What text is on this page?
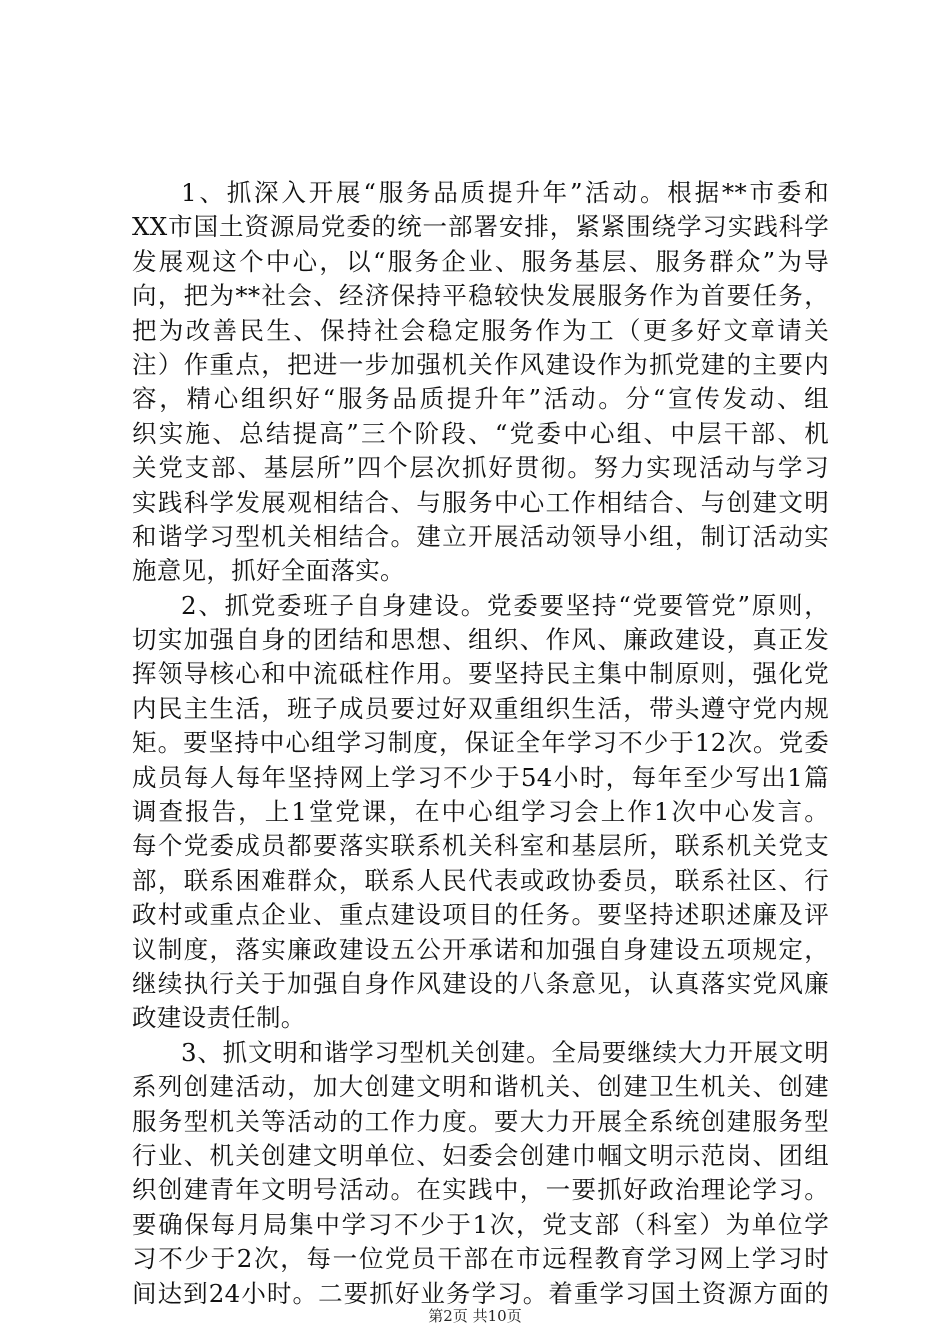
1、抓深入开展“服务品质提升年”活动。根据**市委和
XX市国土资源局党委的统一部署安排，紧紧围绕学习实践科学
发展观这个中心，以“服务企业、服务基层、服务群众”为导
向，把为**社会、经济保持平稳较快发展服务作为首要任务，
把为改善民生、保持社会稳定服务作为工（更多好文章请关
注）作重点，把进一步加强机关作风建设作为抓党建的主要内
容，精心组织好“服务品质提升年”活动。分“宣传发动、组
织实施、总结提高”三个阶段、“党委中心组、中层干部、机
关党支部、基层所”四个层次抓好贯彻。努力实现活动与学习
实践科学发展观相结合、与服务中心工作相结合、与创建文明
和谐学习型机关相结合。建立开展活动领导小组，制订活动实
施意见，抓好全面落实。
2、抓党委班子自身建设。党委要坚持“党要管党”原则，
切实加强自身的团结和思想、组织、作风、廉政建设，真正发
挥领导核心和中流砥柱作用。要坚持民主集中制原则，强化党
内民主生活，班子成员要过好双重组织生活，带头遵守党内规
矩。要坚持中心组学习制度，保证全年学习不少于12次。党委
成员每人每年坚持网上学习不少于54小时，每年至少写出1篇
调查报告，上1堂党课，在中心组学习会上作1次中心发言。
每个党委成员都要落实联系机关科室和基层所，联系机关党支
部，联系困难群众，联系人民代表或政协委员，联系社区、行
政村或重点企业、重点建设项目的任务。要坚持述职述廉及评
议制度，落实廉政建设五公开承诺和加强自身建设五项规定，
继续执行关于加强自身作风建设的八条意见，认真落实党风廉
政建设责任制。
3、抓文明和谐学习型机关创建。全局要继续大力开展文明
系列创建活动，加大创建文明和谐机关、创建卫生机关、创建
服务型机关等活动的工作力度。要大力开展全系统创建服务型
行业、机关创建文明单位、妇委会创建巾帼文明示范岗、团组
织创建青年文明号活动。在实践中，一要抓好政治理论学习。
要确保每月局集中学习不少于1次，党支部（科室）为单位学
习不少于2次，每一位党员干部在市远程教育学习网上学习时
间达到24小时。二要抓好业务学习。着重学习国土资源方面的
第2页 共10页
